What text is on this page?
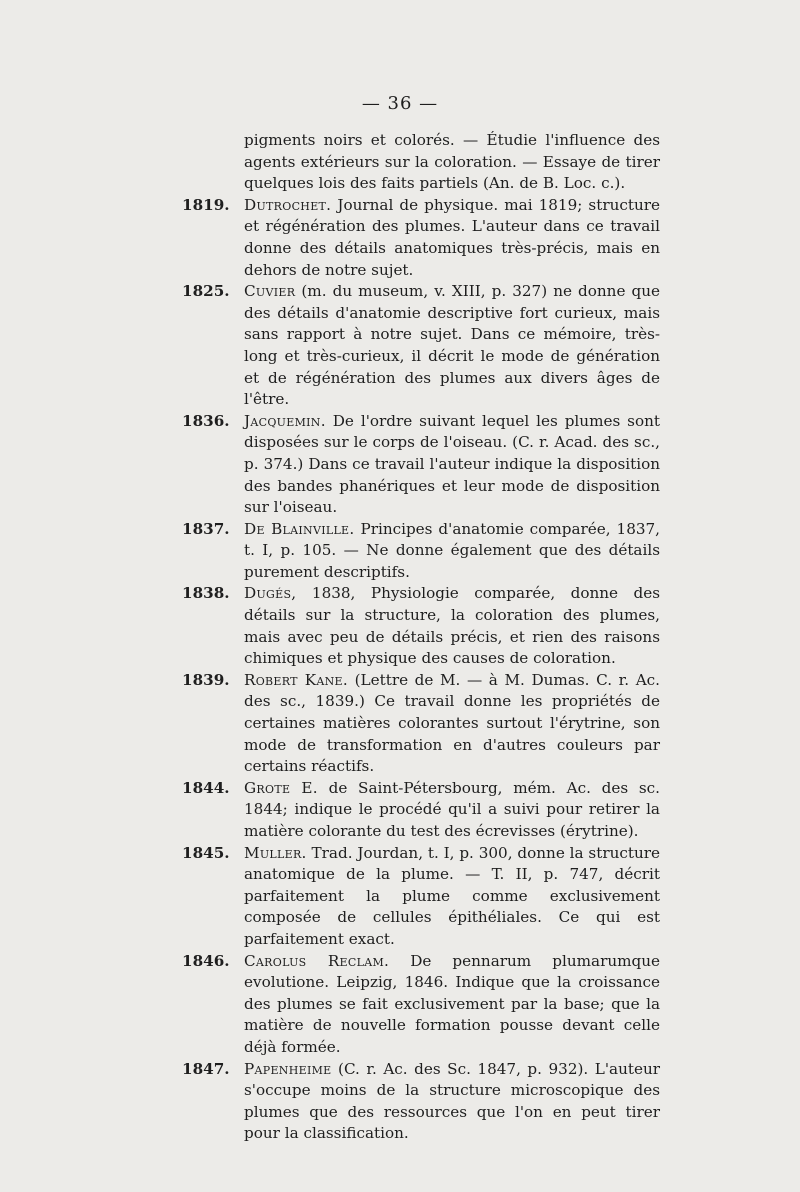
— 36 —
pigments noirs et colorés. — Étudie l'influence des agents extérieurs sur la coloration. — Essaye de tirer quelques lois des faits partiels (An. de B. Loc. c.).
1819. Dutrochet. Journal de physique. mai 1819; structure et régénération des plumes. L'auteur dans ce travail donne des détails anatomiques très-précis, mais en dehors de notre sujet.
1825. Cuvier (m. du museum, v. XIII, p. 327) ne donne que des détails d'anatomie descriptive fort curieux, mais sans rapport à notre sujet. Dans ce mémoire, très-long et très-curieux, il décrit le mode de génération et de régénération des plumes aux divers âges de l'être.
1836. Jacquemin. De l'ordre suivant lequel les plumes sont disposées sur le corps de l'oiseau. (C. r. Acad. des sc., p. 374.) Dans ce travail l'auteur indique la disposition des bandes phanériques et leur mode de disposition sur l'oiseau.
1837. De Blainville. Principes d'anatomie comparée, 1837, t. I, p. 105. — Ne donne également que des détails purement descriptifs.
1838. Dugés, 1838, Physiologie comparée, donne des détails sur la structure, la coloration des plumes, mais avec peu de détails précis, et rien des raisons chimiques et physique des causes de coloration.
1839. Robert Kane. (Lettre de M. — à M. Dumas. C. r. Ac. des sc., 1839.) Ce travail donne les propriétés de certaines matières colorantes surtout l'érytrine, son mode de transformation en d'autres couleurs par certains réactifs.
1844. Grote E. de Saint-Pétersbourg, mém. Ac. des sc. 1844; indique le procédé qu'il a suivi pour retirer la matière colorante du test des écrevisses (érytrine).
1845. Muller. Trad. Jourdan, t. I, p. 300, donne la structure anatomique de la plume. — T. II, p. 747, décrit parfaitement la plume comme exclusivement composée de cellules épithéliales. Ce qui est parfaitement exact.
1846. Carolus Reclam. De pennarum plumarumque evolutione. Leipzig, 1846. Indique que la croissance des plumes se fait exclusivement par la base; que la matière de nouvelle formation pousse devant celle déjà formée.
1847. Papenheime (C. r. Ac. des Sc. 1847, p. 932). L'auteur s'occupe moins de la structure microscopique des plumes que des ressources que l'on en peut tirer pour la classification.
